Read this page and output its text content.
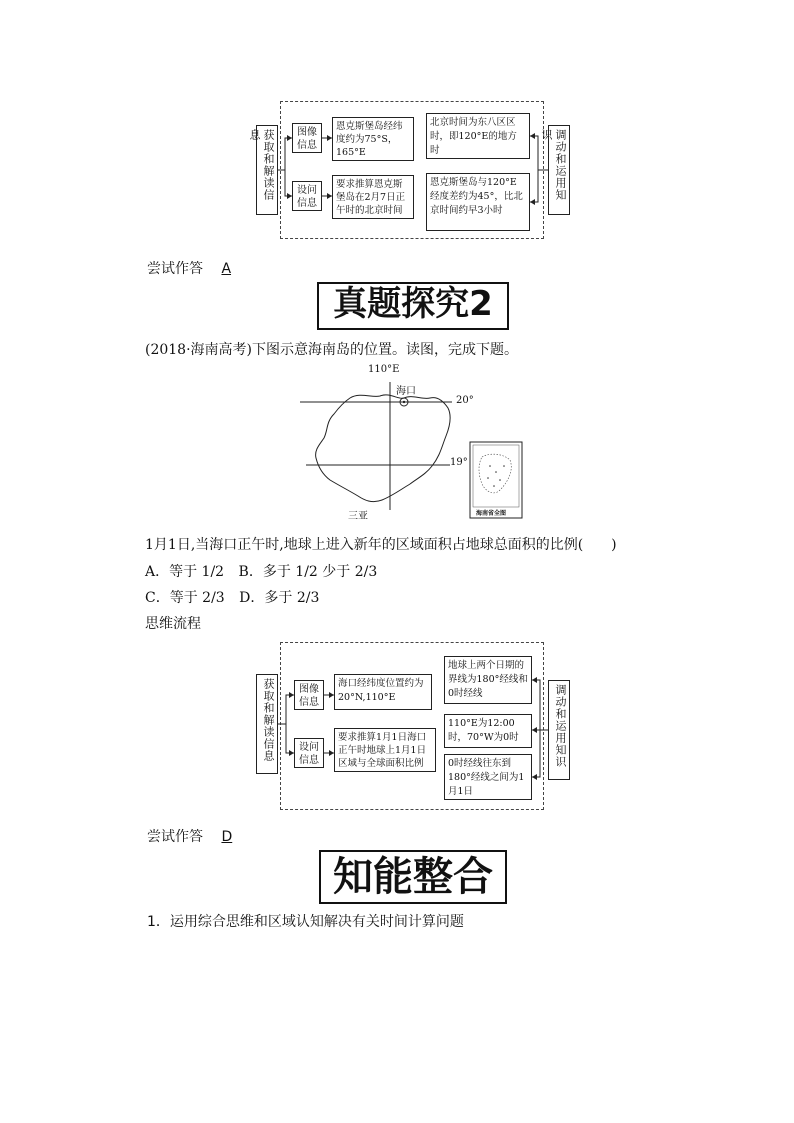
获取和解读信息	调动和运用知识
图像信息
设问信息
恩克斯堡岛经纬度约为75°S，165°E
要求推算恩克斯堡岛在2月7日正午时的北京时间
北京时间为东八区区时，即120°E的地方时
恩克斯堡岛与120°E经度差约为45°，比北京时间约早3小时
尝试作答 A
真题探究2
(2018·海南高考)下图示意海南岛的位置。读图，完成下题。
110°E
海口
20°
19°
三亚	海南省全图
1月1日,当海口正午时,地球上进入新年的区域面积占地球总面积的比例(　　)
A．等于 1/2 B．多于 1/2 少于 2/3
C．等于 2/3 D．多于 2/3
思维流程
获取和解读信息	调动和运用知识
图像信息
设问信息
海口经纬度位置约为20°N,110°E
要求推算1月1日海口正午时地球上1月1日区域与全球面积比例
地球上两个日期的界线为180°经线和0时经线
110°E为12:00时，70°W为0时
0时经线往东到180°经线之间为1月1日
尝试作答 D
知能整合
1．运用综合思维和区域认知解决有关时间计算问题
